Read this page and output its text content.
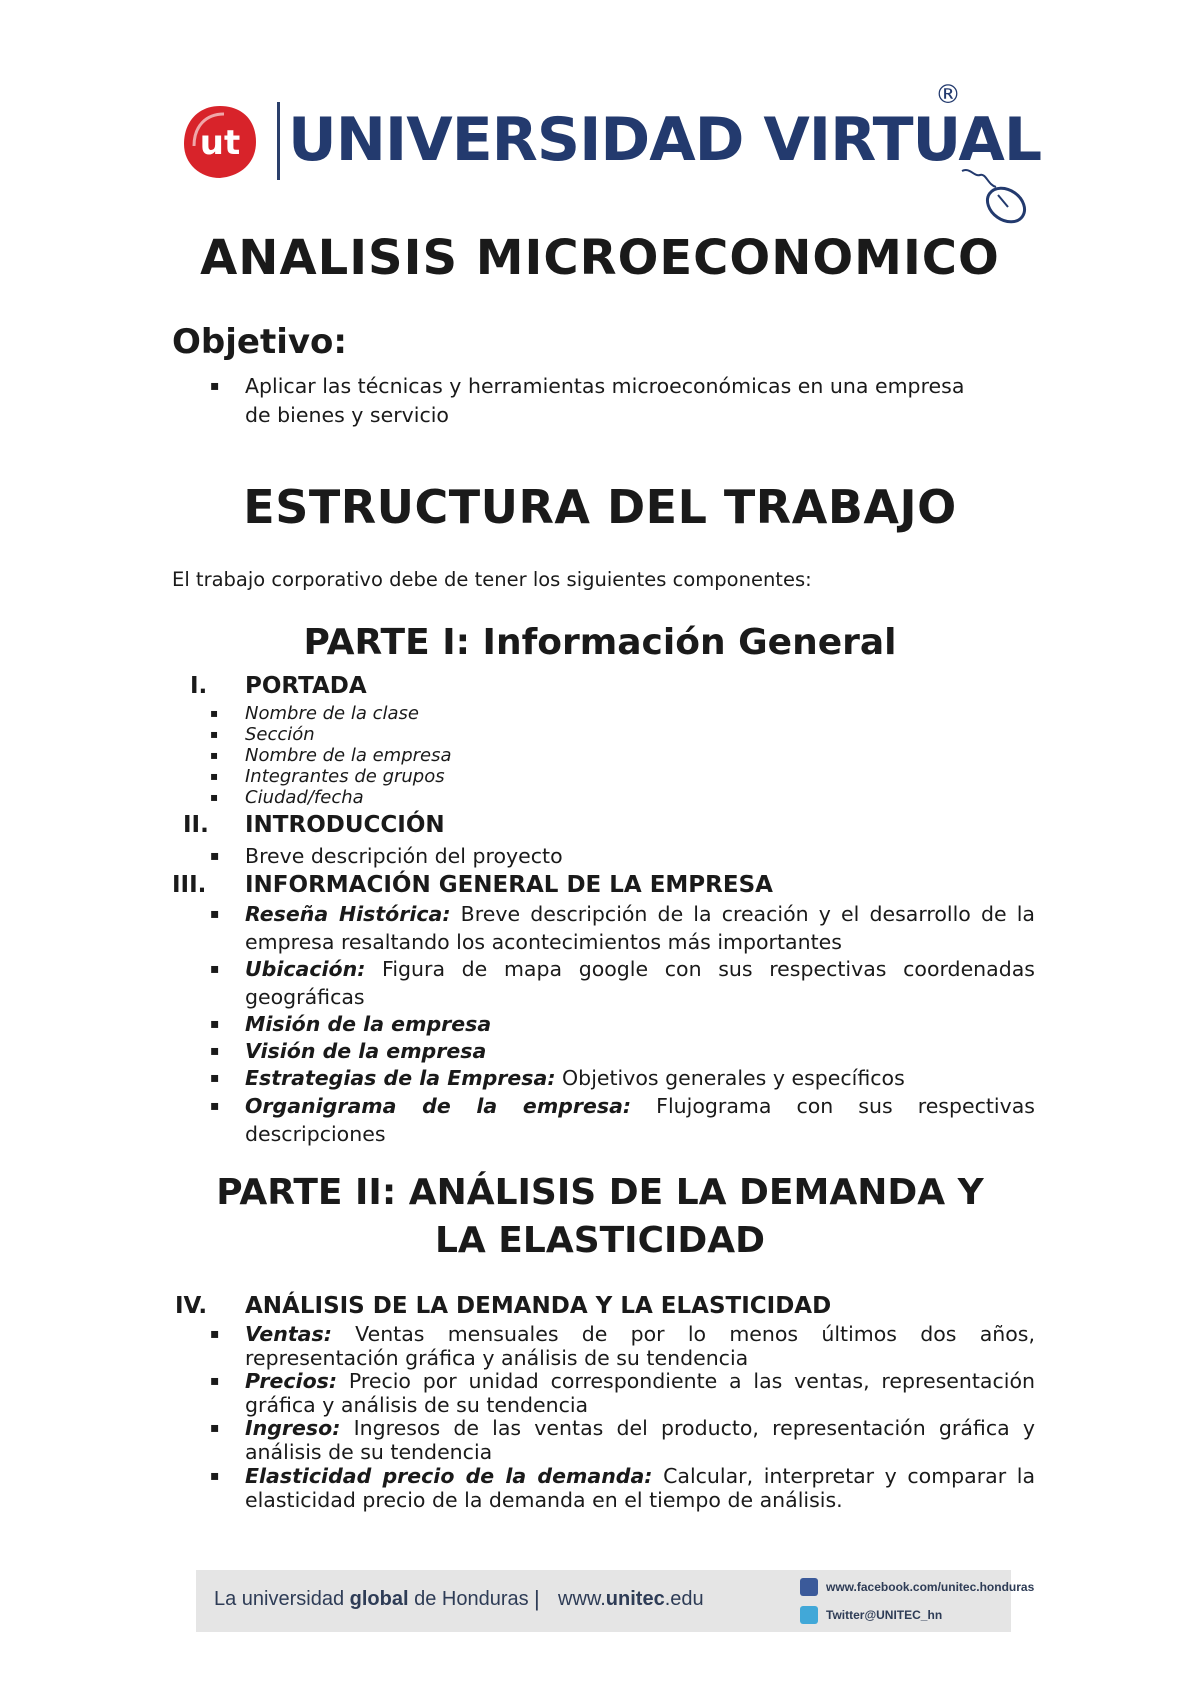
ut UNIVERSIDAD VIRTUAL
®
ANALISIS MICROECONOMICO
Objetivo:
▪ Aplicar las técnicas y herramientas microeconómicas en una empresa
de bienes y servicio
ESTRUCTURA DEL TRABAJO
El trabajo corporativo debe de tener los siguientes componentes:
PARTE I: Información General
I. PORTADA
▪ Nombre de la clase
▪ Sección
▪ Nombre de la empresa
▪ Integrantes de grupos
▪ Ciudad/fecha
II. INTRODUCCIÓN
▪ Breve descripción del proyecto
III. INFORMACIÓN GENERAL DE LA EMPRESA
▪ Reseña Histórica: Breve descripción de la creación y el desarrollo de la empresa resaltando los acontecimientos más importantes
▪ Ubicación: Figura de mapa google con sus respectivas coordenadas geográficas
▪ Misión de la empresa
▪ Visión de la empresa
▪ Estrategias de la Empresa: Objetivos generales y específicos
▪ Organigrama de la empresa: Flujograma con sus respectivas descripciones
PARTE II: ANÁLISIS DE LA DEMANDA Y
LA ELASTICIDAD
IV. ANÁLISIS DE LA DEMANDA Y LA ELASTICIDAD
▪ Ventas: Ventas mensuales de por lo menos últimos dos años, representación gráfica y análisis de su tendencia
▪ Precios: Precio por unidad correspondiente a las ventas, representación gráfica y análisis de su tendencia
▪ Ingreso: Ingresos de las ventas del producto, representación gráfica y análisis de su tendencia
▪ Elasticidad precio de la demanda: Calcular, interpretar y comparar la elasticidad precio de la demanda en el tiempo de análisis.
La universidad global de Honduras | www.unitec.edu
www.facebook.com/unitec.honduras
Twitter@UNITEC_hn
